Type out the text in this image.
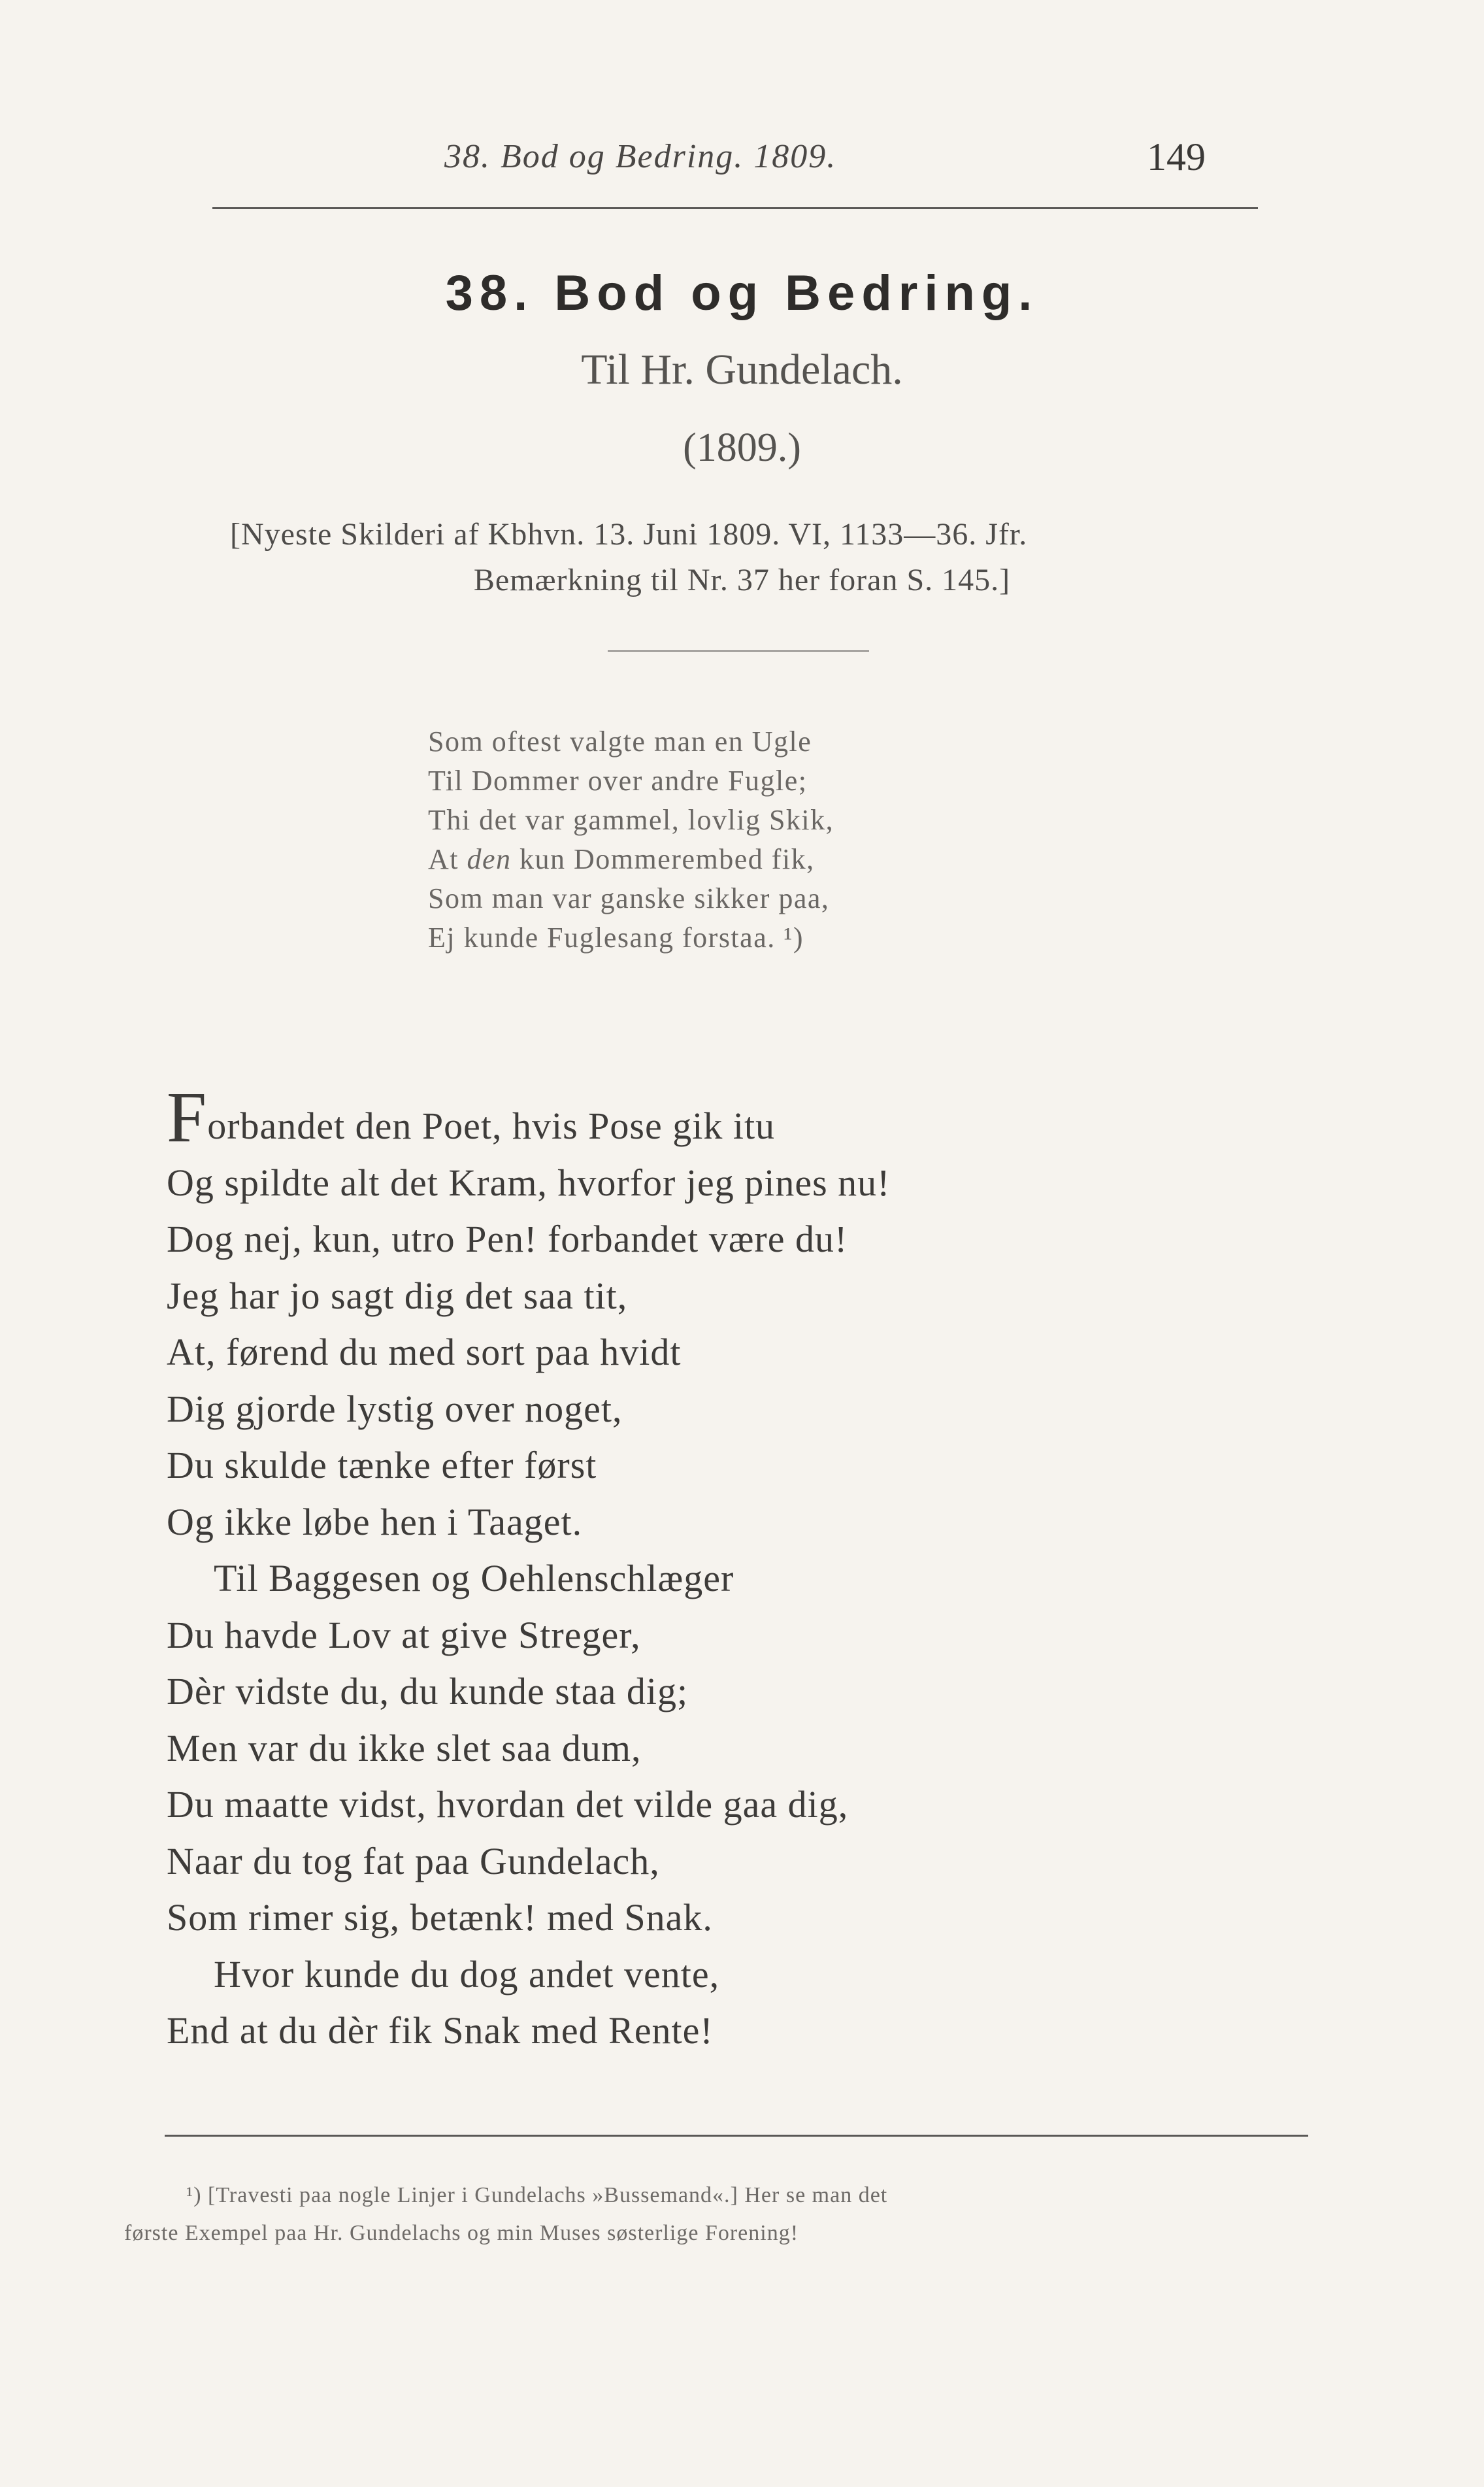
38. Bod og Bedring. 1809.	149
38. Bod og Bedring.
Til Hr. Gundelach.
(1809.)
[Nyeste Skilderi af Kbhvn. 13. Juni 1809. VI, 1133—36. Jfr.
Bemærkning til Nr. 37 her foran S. 145.]
Som oftest valgte man en Ugle
Til Dommer over andre Fugle;
Thi det var gammel, lovlig Skik,
At den kun Dommerembed fik,
Som man var ganske sikker paa,
Ej kunde Fuglesang forstaa. ¹)
Forbandet den Poet, hvis Pose gik itu
Og spildte alt det Kram, hvorfor jeg pines nu!
Dog nej, kun, utro Pen! forbandet være du!
Jeg har jo sagt dig det saa tit,
At, førend du med sort paa hvidt
Dig gjorde lystig over noget,
Du skulde tænke efter først
Og ikke løbe hen i Taaget.
Til Baggesen og Oehlenschlæger
Du havde Lov at give Streger,
Dèr vidste du, du kunde staa dig;
Men var du ikke slet saa dum,
Du maatte vidst, hvordan det vilde gaa dig,
Naar du tog fat paa Gundelach,
Som rimer sig, betænk! med Snak.
Hvor kunde du dog andet vente,
End at du dèr fik Snak med Rente!
¹) [Travesti paa nogle Linjer i Gundelachs »Bussemand«.] Her se man det
første Exempel paa Hr. Gundelachs og min Muses søsterlige Forening!
